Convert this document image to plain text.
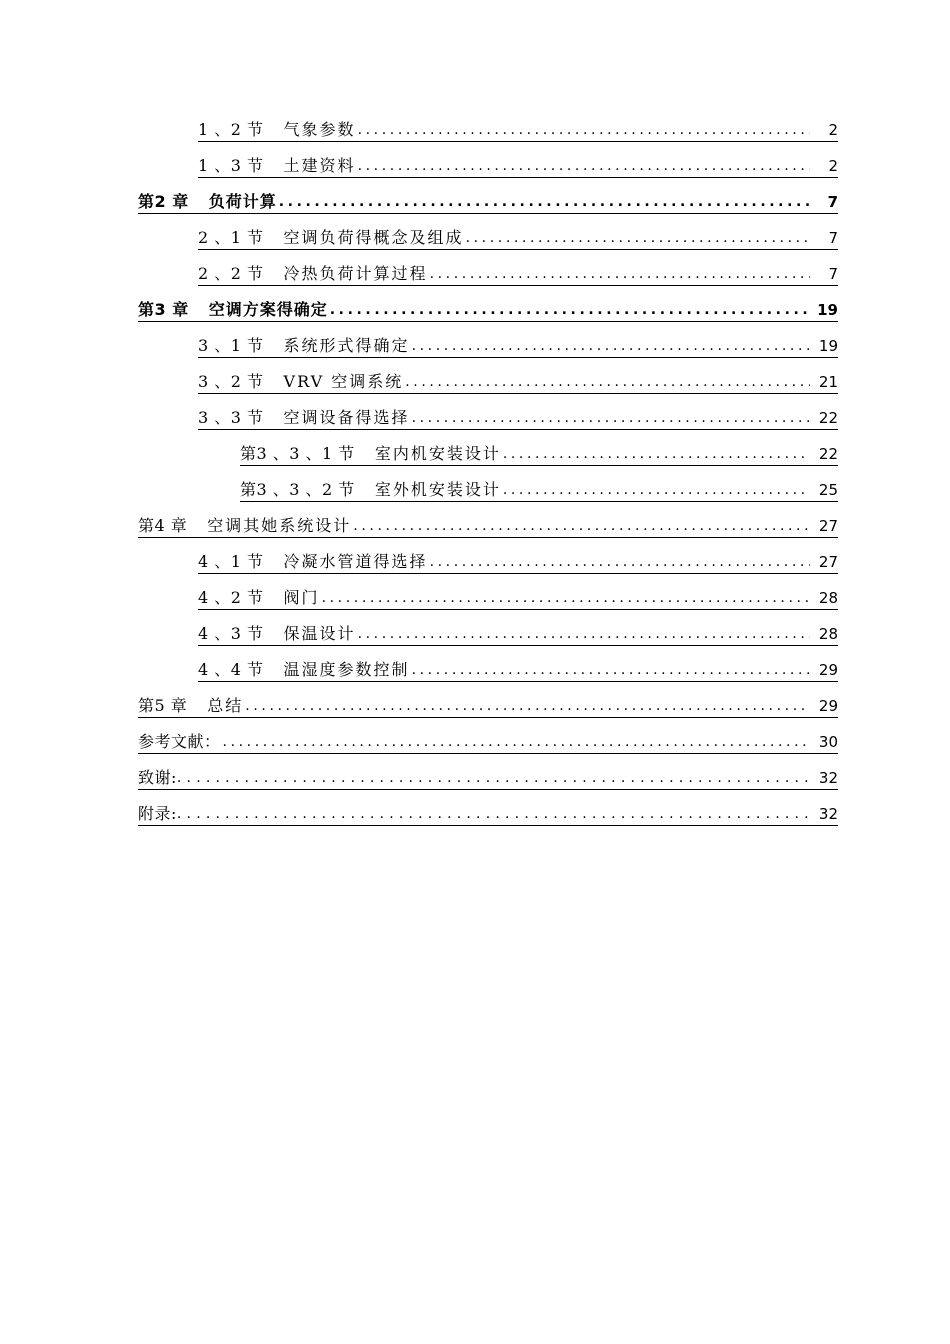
1 、2 节 气象参数 .....	2
1 、3 节 土建资料 .....	2
第2 章 负荷计算 .....	7
2 、1 节 空调负荷得概念及组成 .....	7
2 、2 节 冷热负荷计算过程 .....	7
第3 章 空调方案得确定 .....	19
3 、1 节 系统形式得确定 .....	19
3 、2 节 VRV 空调系统 .....	21
3 、3 节 空调设备得选择 .....	22
第3 、3 、1 节 室内机安装设计 .....	22
第3 、3 、2 节 室外机安装设计 .....	25
第4 章 空调其她系统设计 .....	27
4 、1 节 冷凝水管道得选择 .....	27
4 、2 节 阀门 .....	28
4 、3 节 保温设计 .....	28
4 、4 节 温湿度参数控制 .....	29
第5 章 总结 .....	29
参考文献： .....	30
致谢: .....	32
附录: .....	32
